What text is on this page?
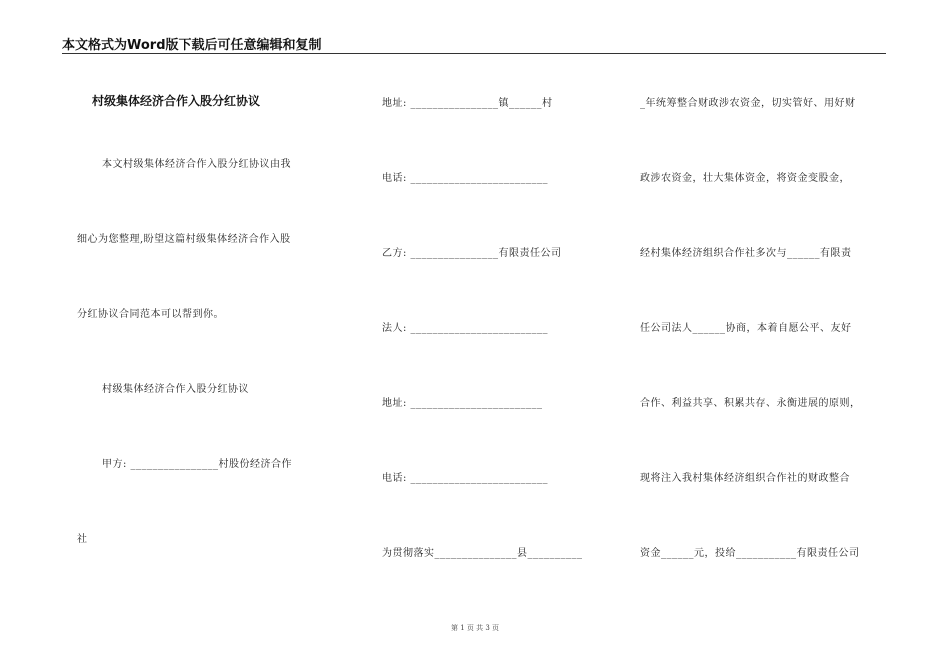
本文格式为Word版下载后可任意编辑和复制
村级集体经济合作入股分红协议
本文村级集体经济合作入股分红协议由我
细心为您整理,盼望这篇村级集体经济合作入股
分红协议合同范本可以帮到你。
村级集体经济合作入股分红协议
甲方: ________________村股份经济合作
社
地址: ________________镇______村
电话: _________________________
乙方: ________________有限责任公司
法人: _________________________
地址: ________________________
电话: _________________________
为贯彻落实_______________县__________
_年统筹整合财政涉农资金，切实管好、用好财
政涉农资金，壮大集体资金，将资金变股金，
经村集体经济组织合作社多次与______有限责
任公司法人______协商，本着自愿公平、友好
合作、利益共享、积累共存、永衡进展的原则，
现将注入我村集体经济组织合作社的财政整合
资金______元，投给___________有限责任公司
第 1 页 共 3 页
